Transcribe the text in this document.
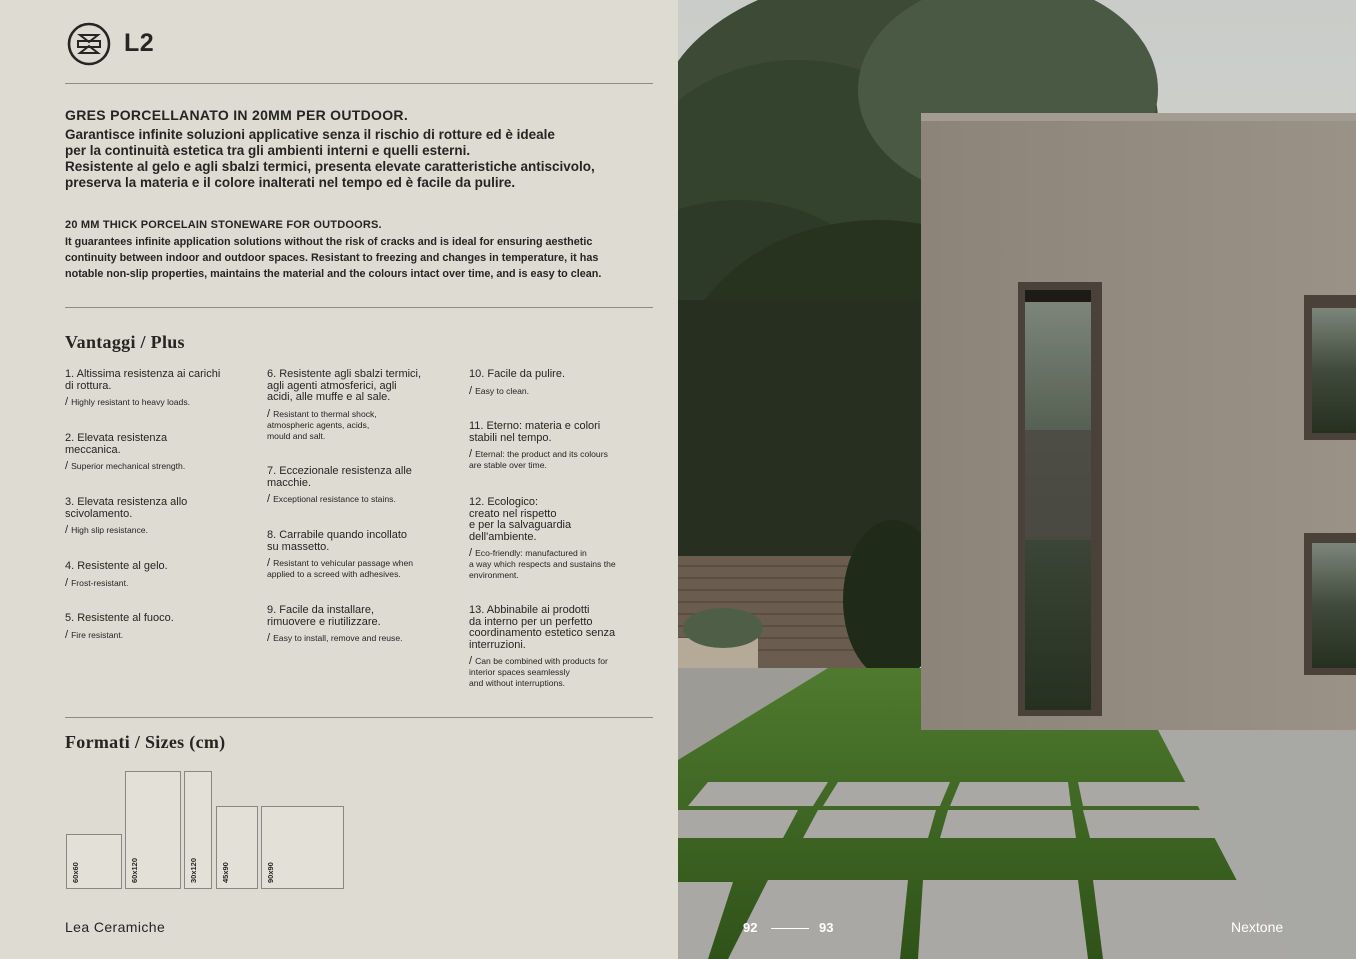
L2
GRES PORCELLANATO IN 20MM PER OUTDOOR.
Garantisce infinite soluzioni applicative senza il rischio di rotture ed è ideale
per la continuità estetica tra gli ambienti interni e quelli esterni.
Resistente al gelo e agli sbalzi termici, presenta elevate caratteristiche antiscivolo,
preserva la materia e il colore inalterati nel tempo ed è facile da pulire.
20 MM THICK PORCELAIN STONEWARE FOR OUTDOORS.
It guarantees infinite application solutions without the risk of cracks and is ideal for ensuring aesthetic
continuity between indoor and outdoor spaces. Resistant to freezing and changes in temperature, it has
notable non-slip properties, maintains the material and the colours intact over time, and is easy to clean.
Vantaggi / Plus
1. Altissima resistenza ai carichi
di rottura.
/ Highly resistant to heavy loads.
2. Elevata resistenza
meccanica.
/ Superior mechanical strength.
3. Elevata resistenza allo
scivolamento.
/ High slip resistance.
4. Resistente al gelo.
/ Frost-resistant.
5. Resistente al fuoco.
/ Fire resistant.
6. Resistente agli sbalzi termici,
agli agenti atmosferici, agli
acidi, alle muffe e al sale.
/ Resistant to thermal shock,
atmospheric agents, acids,
mould and salt.
7. Eccezionale resistenza alle
macchie.
/ Exceptional resistance to stains.
8. Carrabile quando incollato
su massetto.
/ Resistant to vehicular passage when
applied to a screed with adhesives.
9. Facile da installare,
rimuovere e riutilizzare.
/ Easy to install, remove and reuse.
10. Facile da pulire.
/ Easy to clean.
11. Eterno: materia e colori
stabili nel tempo.
/ Eternal: the product and its colours
are stable over time.
12. Ecologico:
creato nel rispetto
e per la salvaguardia
dell'ambiente.
/ Eco-friendly: manufactured in
a way which respects and sustains the
environment.
13. Abbinabile ai prodotti
da interno per un perfetto
coordinamento estetico senza
interruzioni.
/ Can be combined with products for
interior spaces seamlessly
and without interruptions.
Formati / Sizes (cm)
60x60	60x120	30x120	45x90	90x90
Lea Ceramiche	92	93	Nextone
